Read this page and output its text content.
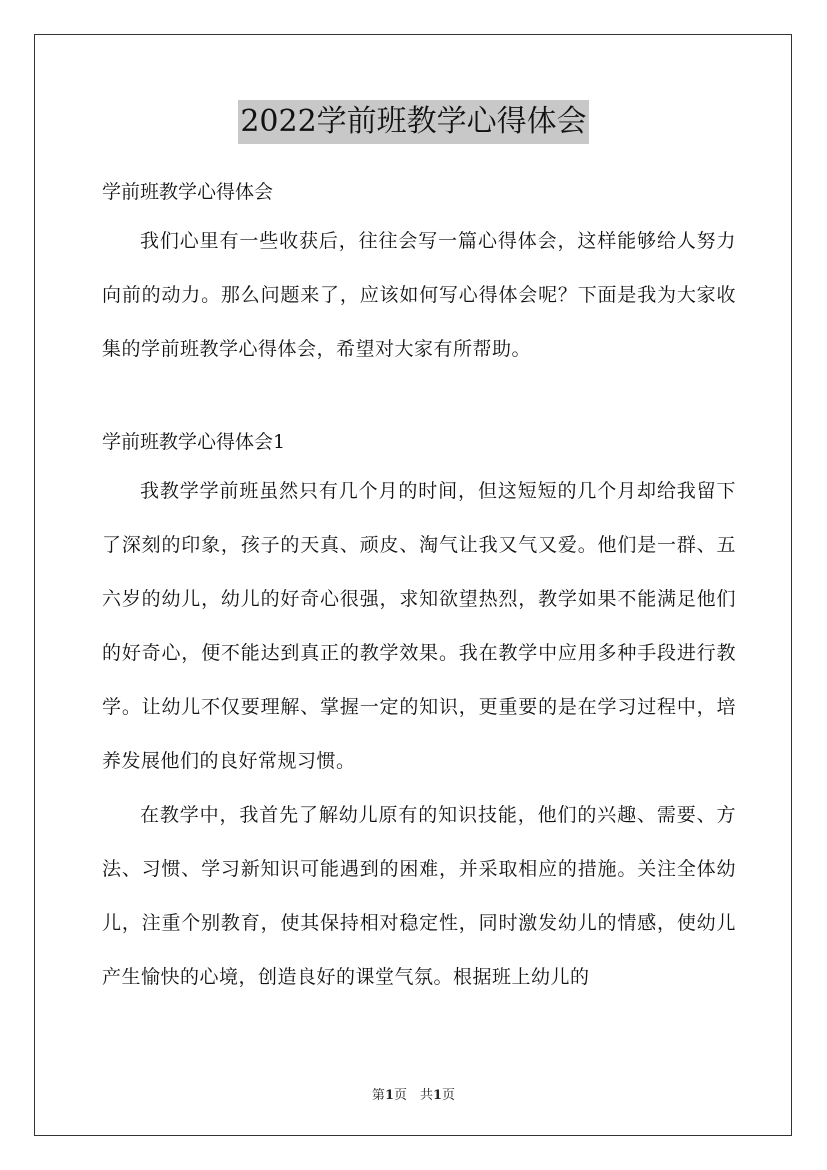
2022学前班教学心得体会

学前班教学心得体会

我们心里有一些收获后，往往会写一篇心得体会，这样能够给人努力向前的动力。那么问题来了，应该如何写心得体会呢？下面是我为大家收集的学前班教学心得体会，希望对大家有所帮助。

学前班教学心得体会1

我教学学前班虽然只有几个月的时间，但这短短的几个月却给我留下了深刻的印象，孩子的天真、顽皮、淘气让我又气又爱。他们是一群、五六岁的幼儿，幼儿的好奇心很强，求知欲望热烈，教学如果不能满足他们的好奇心，便不能达到真正的教学效果。我在教学中应用多种手段进行教学。让幼儿不仅要理解、掌握一定的知识，更重要的是在学习过程中，培养发展他们的良好常规习惯。

在教学中，我首先了解幼儿原有的知识技能，他们的兴趣、需要、方法、习惯、学习新知识可能遇到的困难，并采取相应的措施。关注全体幼儿，注重个别教育，使其保持相对稳定性，同时激发幼儿的情感，使幼儿产生愉快的心境，创造良好的课堂气氛。根据班上幼儿的

第1页　共1页
